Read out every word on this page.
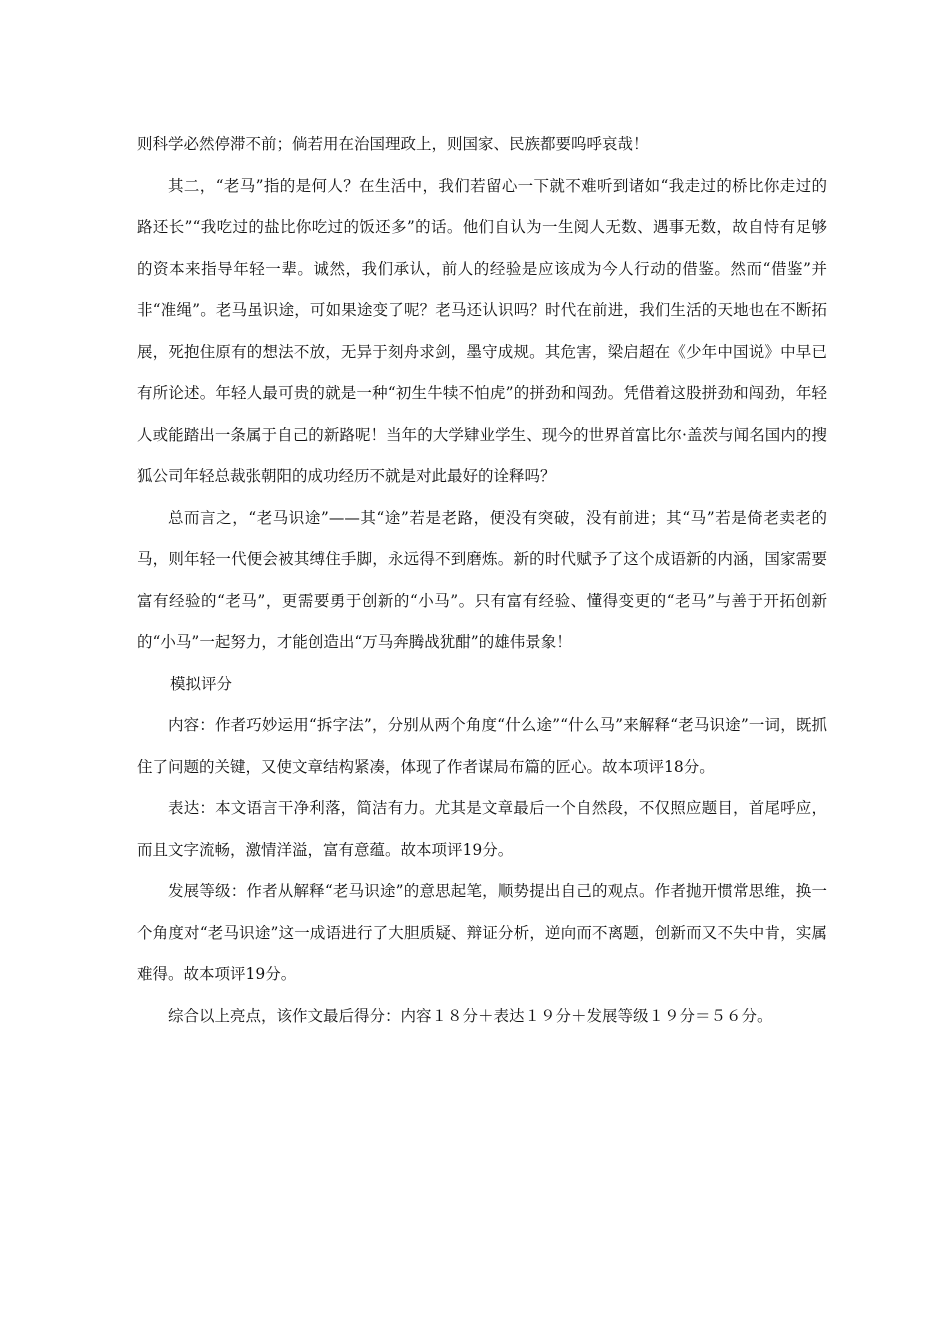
则科学必然停滞不前；倘若用在治国理政上，则国家、民族都要呜呼哀哉！

其二，“老马”指的是何人？在生活中，我们若留心一下就不难听到诸如“我走过的桥比你走过的路还长”“我吃过的盐比你吃过的饭还多”的话。他们自认为一生阅人无数、遇事无数，故自恃有足够的资本来指导年轻一辈。诚然，我们承认，前人的经验是应该成为今人行动的借鉴。然而“借鉴”并非“准绳”。老马虽识途，可如果途变了呢？老马还认识吗？时代在前进，我们生活的天地也在不断拓展，死抱住原有的想法不放，无异于刻舟求剑，墨守成规。其危害，梁启超在《少年中国说》中早已有所论述。年轻人最可贵的就是一种“初生牛犊不怕虎”的拼劲和闯劲。凭借着这股拼劲和闯劲，年轻人或能踏出一条属于自己的新路呢！当年的大学肄业学生、现今的世界首富比尔·盖茨与闻名国内的搜狐公司年轻总裁张朝阳的成功经历不就是对此最好的诠释吗？

总而言之，“老马识途”——其“途”若是老路，便没有突破，没有前进；其“马”若是倚老卖老的马，则年轻一代便会被其缚住手脚，永远得不到磨炼。新的时代赋予了这个成语新的内涵，国家需要富有经验的“老马”，更需要勇于创新的“小马”。只有富有经验、懂得变更的“老马”与善于开拓创新的“小马”一起努力，才能创造出“万马奔腾战犹酣”的雄伟景象！

模拟评分

内容：作者巧妙运用“拆字法”，分别从两个角度“什么途”“什么马”来解释“老马识途”一词，既抓住了问题的关键，又使文章结构紧凑，体现了作者谋局布篇的匠心。故本项评18分。

表达：本文语言干净利落，简洁有力。尤其是文章最后一个自然段，不仅照应题目，首尾呼应，而且文字流畅，激情洋溢，富有意蕴。故本项评19分。

发展等级：作者从解释“老马识途”的意思起笔，顺势提出自己的观点。作者抛开惯常思维，换一个角度对“老马识途”这一成语进行了大胆质疑、辩证分析，逆向而不离题，创新而又不失中肯，实属难得。故本项评19分。

综合以上亮点，该作文最后得分：内容１８分＋表达１９分＋发展等级１９分＝５６分。
